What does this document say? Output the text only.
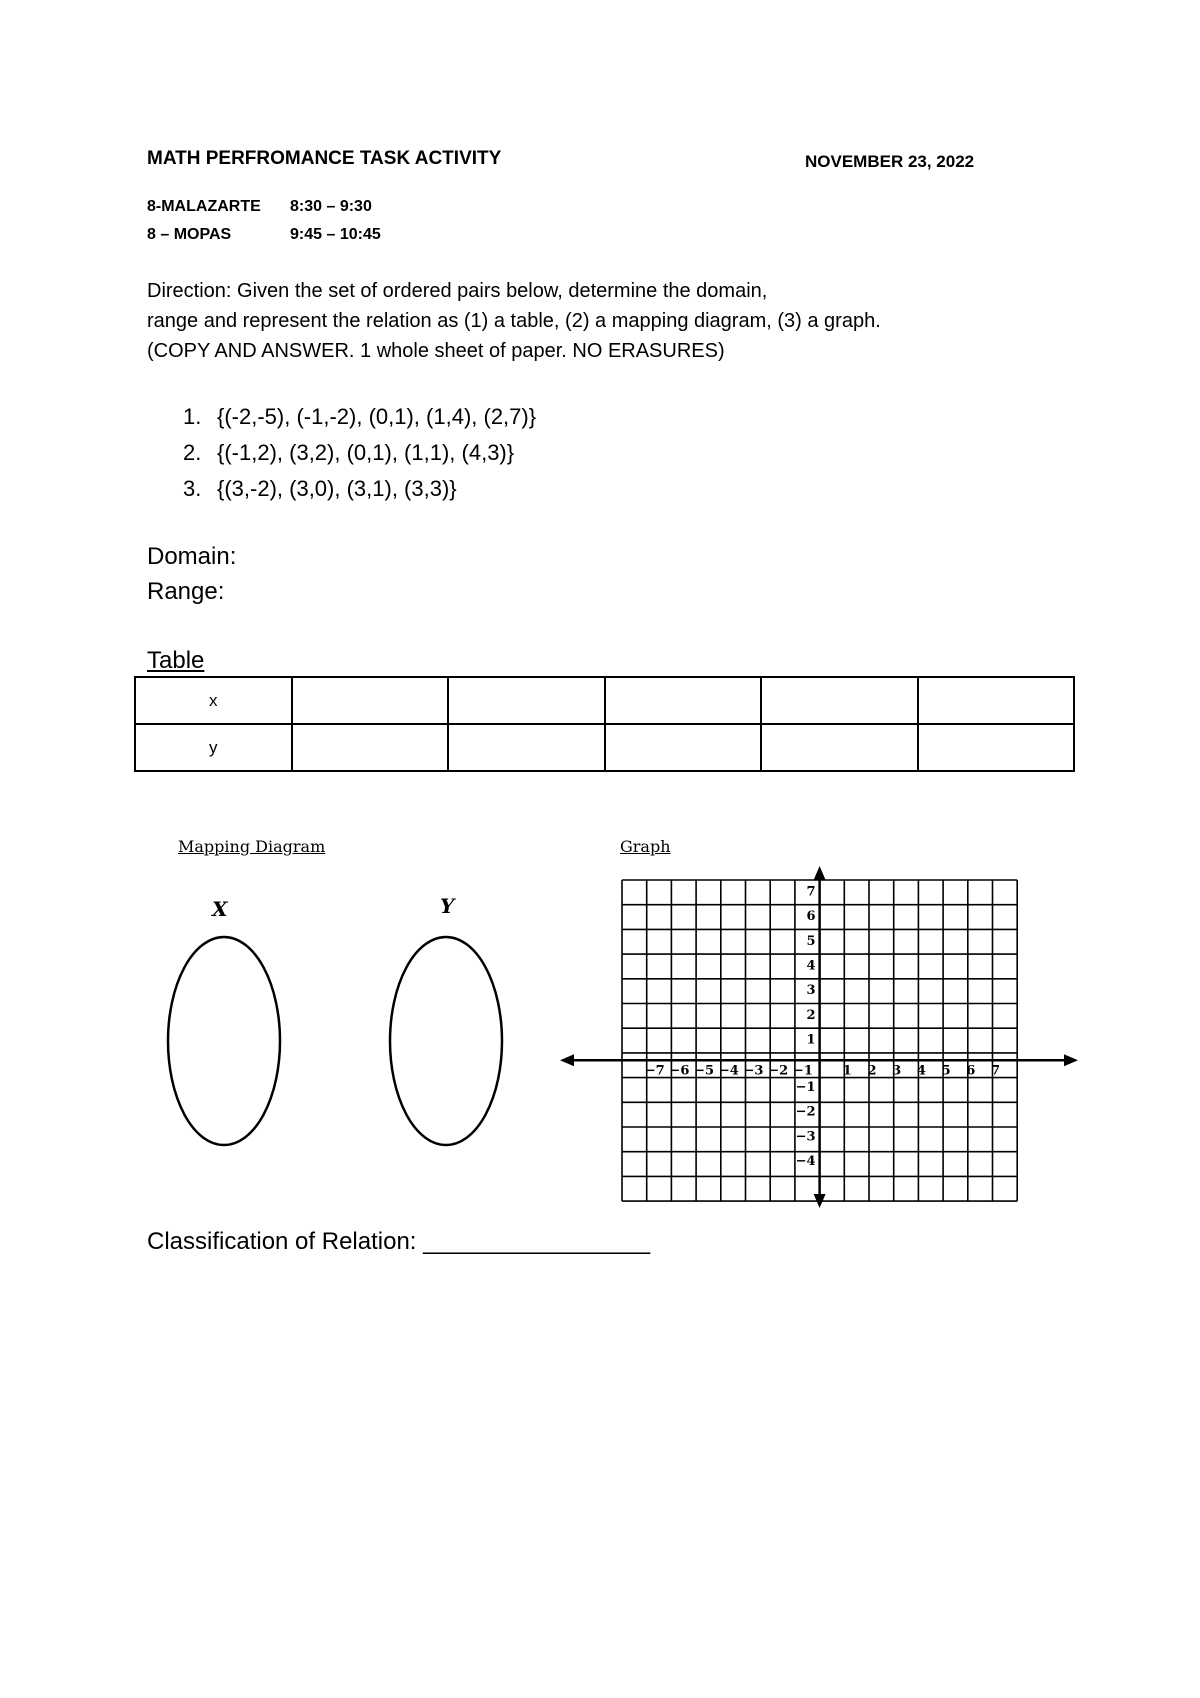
MATH PERFROMANCE TASK ACTIVITY	NOVEMBER 23, 2022
8-MALAZARTE 8:30 – 9:30
8 – MOPAS	9:45 – 10:45
Direction: Given the set of ordered pairs below, determine the domain,
range and represent the relation as (1) a table, (2) a mapping diagram, (3) a graph.
(COPY AND ANSWER. 1 whole sheet of paper. NO ERASURES)
1. {(-2,-5), (-1,-2), (0,1), (1,4), (2,7)}
2. {(-1,2), (3,2), (0,1), (1,1), (4,3)}
3. {(3,-2), (3,0), (3,1), (3,3)}
Domain:
Range:
Table
x					
y					
Mapping Diagram	Graph
X	Y
−7 −6 −5 −4 −3 −2 −1 1 2 3 4 5 6 7
7
6
5
4
3
2
1
−1
−2
−3
−4
Classification of Relation: _________________
